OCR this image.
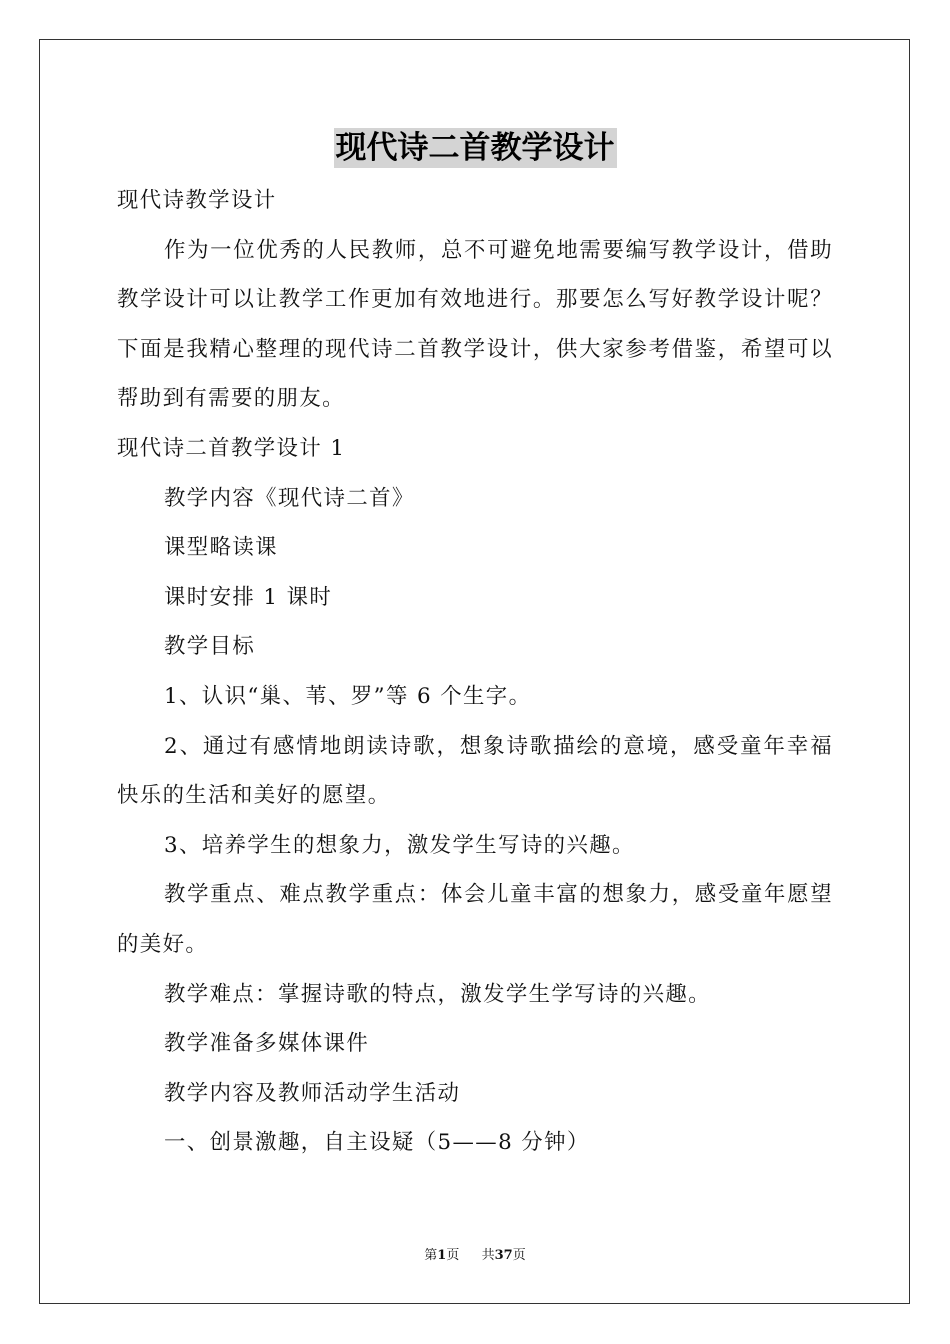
现代诗二首教学设计

现代诗教学设计

作为一位优秀的人民教师，总不可避免地需要编写教学设计，借助教学设计可以让教学工作更加有效地进行。那要怎么写好教学设计呢？下面是我精心整理的现代诗二首教学设计，供大家参考借鉴，希望可以帮助到有需要的朋友。

现代诗二首教学设计 1

教学内容《现代诗二首》

课型略读课

课时安排 1 课时

教学目标

1、认识“巢、苇、罗”等 6 个生字。

2、通过有感情地朗读诗歌，想象诗歌描绘的意境，感受童年幸福快乐的生活和美好的愿望。

3、培养学生的想象力，激发学生写诗的兴趣。

教学重点、难点教学重点：体会儿童丰富的想象力，感受童年愿望的美好。

教学难点：掌握诗歌的特点，激发学生学写诗的兴趣。

教学准备多媒体课件

教学内容及教师活动学生活动

一、创景激趣，自主设疑（5——8 分钟）

第1页 共37页
